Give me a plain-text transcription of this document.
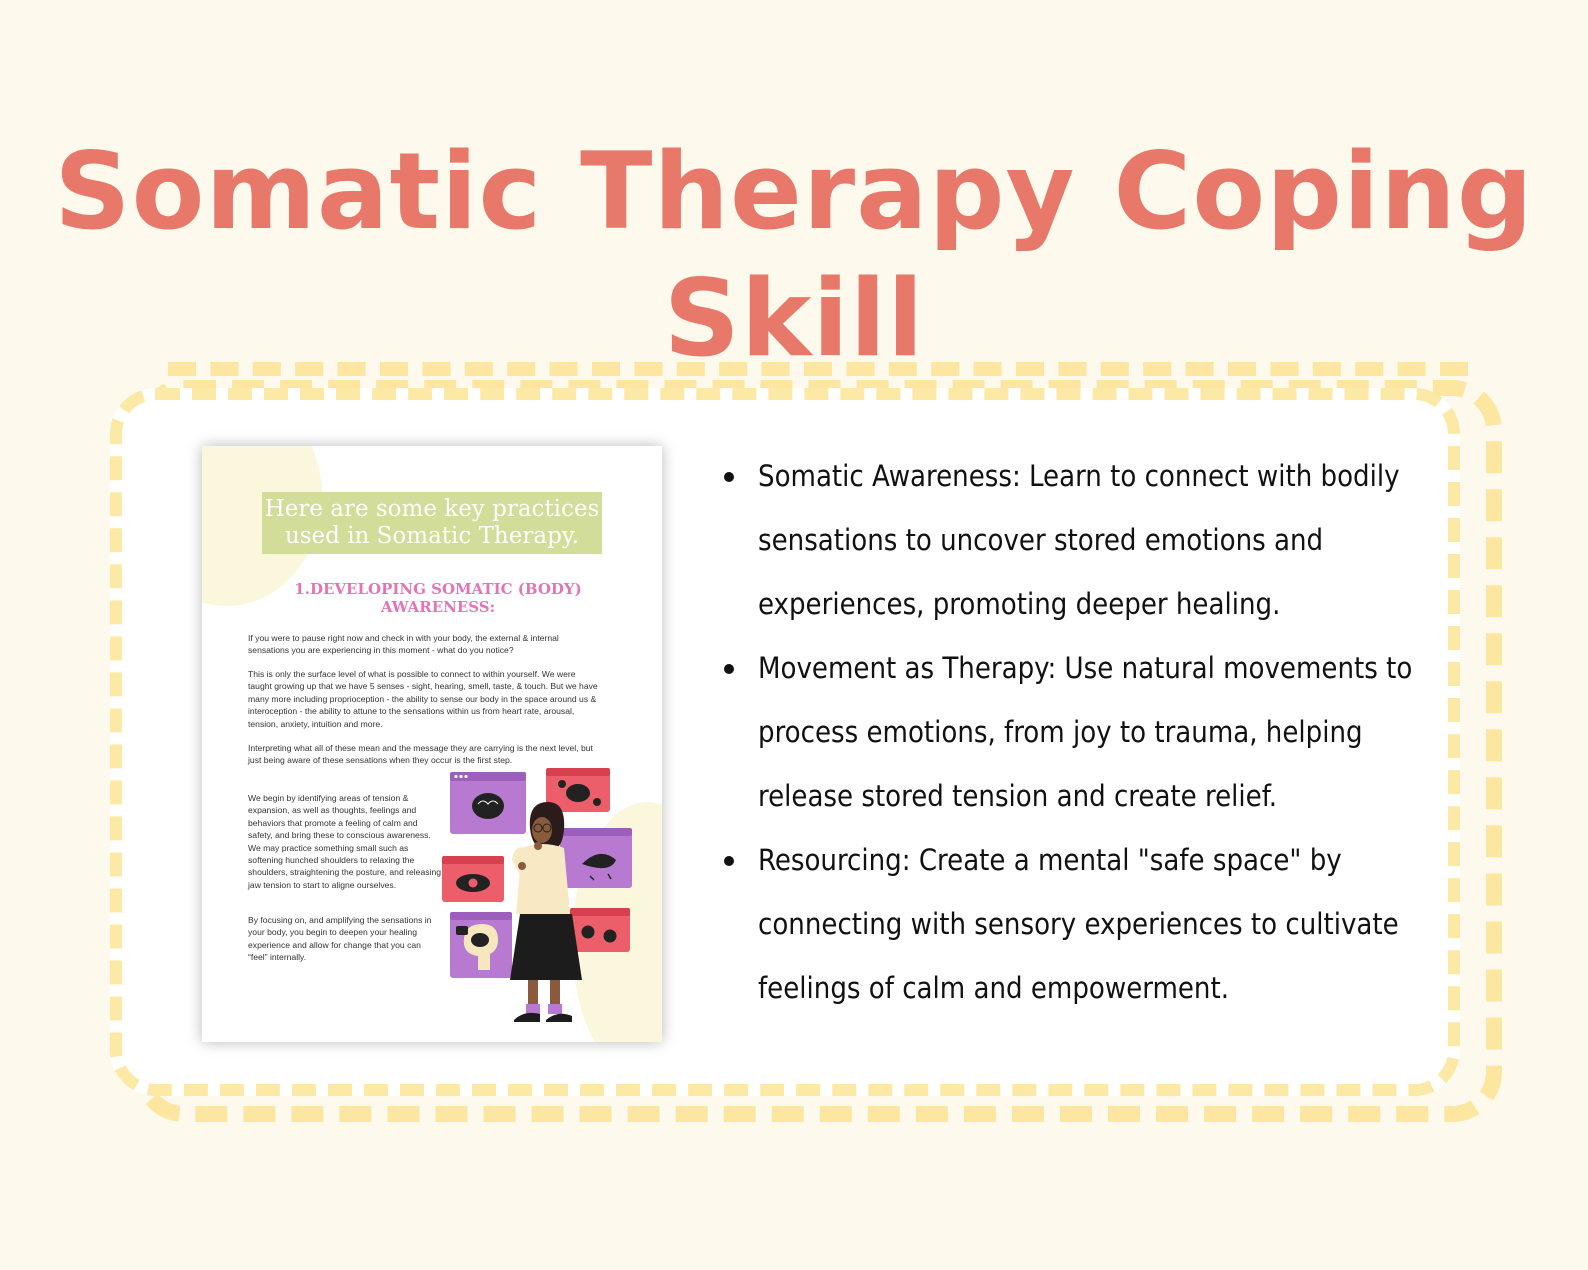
Somatic Therapy Coping Skill
Here are some key practices
used in Somatic Therapy.
1.DEVELOPING SOMATIC (BODY) AWARENESS:
If you were to pause right now and check in with your body, the external & internal sensations you are experiencing in this moment - what do you notice?
This is only the surface level of what is possible to connect to within yourself. We were taught growing up that we have 5 senses - sight, hearing, smell, taste, & touch. But we have many more including proprioception - the ability to sense our body in the space around us & interoception - the ability to attune to the sensations within us from heart rate, arousal, tension, anxiety, intuition and more.
Interpreting what all of these mean and the message they are carrying is the next level, but just being aware of these sensations when they occur is the first step.
We begin by identifying areas of tension & expansion, as well as thoughts, feelings and behaviors that promote a feeling of calm and safety, and bring these to conscious awareness. We may practice something small such as softening hunched shoulders to relaxing the shoulders, straightening the posture, and releasing jaw tension to start to aligne ourselves.
By focusing on, and amplifying the sensations in your body, you begin to deepen your healing experience and allow for change that you can “feel” internally.
Somatic Awareness: Learn to connect with bodily sensations to uncover stored emotions and experiences, promoting deeper healing.
Movement as Therapy: Use natural movements to process emotions, from joy to trauma, helping release stored tension and create relief.
Resourcing: Create a mental "safe space" by connecting with sensory experiences to cultivate feelings of calm and empowerment.
